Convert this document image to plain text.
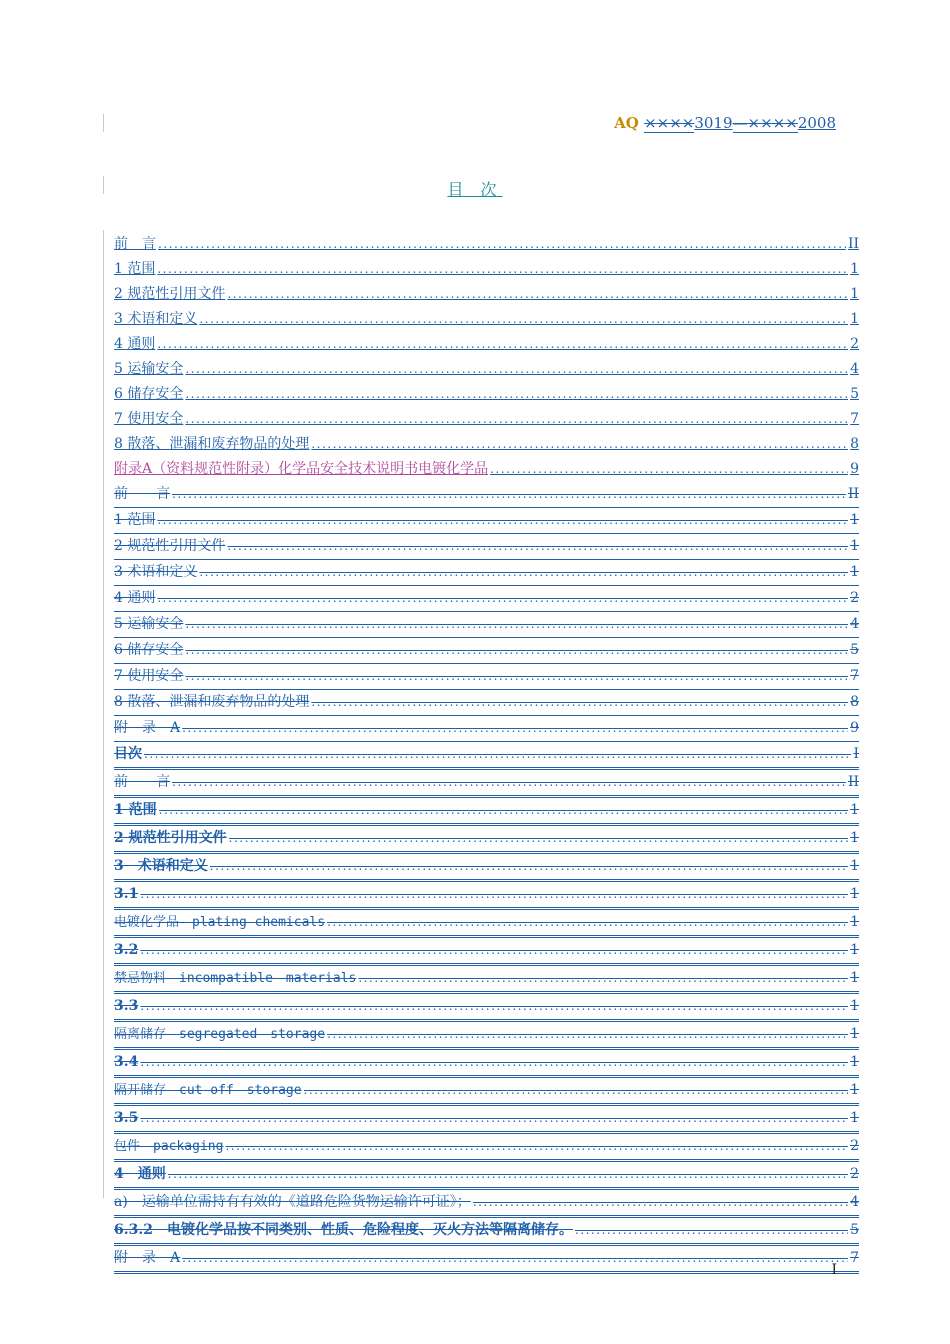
AQ ××××3019—××××2008
目 次
前　言 .....	II
1 范围 .....	1
2 规范性引用文件 .....	1
3 术语和定义 .....	1
4 通则 .....	2
5 运输安全 .....	4
6 储存安全 .....	5
7 使用安全 .....	7
8 散落、泄漏和废弃物品的处理 .....	8
附录A（资料规范性附录）化学品安全技术说明书电镀化学品 .....	9
前　　言 .....	II
1 范围 .....	1
2 规范性引用文件 .....	1
3 术语和定义 .....	1
4 通则 .....	2
5 运输安全 .....	4
6 储存安全 .....	5
7 使用安全 .....	7
8 散落、泄漏和废弃物品的处理 .....	8
附　录　A .....	9
目次 .....	I
前　　言 .....	II
1 范围 .....	1
2 规范性引用文件 .....	1
3　术语和定义 .....	1
3.1 .....	1
电镀化学品　plating chemicals .....	1
3.2 .....	1
禁忌物料　incompatible　materials .....	1
3.3 .....	1
隔离储存　segregated　storage .....	1
3.4 .....	1
隔开储存　cut-off　storage .....	1
3.5 .....	1
包件　packaging .....	2
4　通则 .....	2
a)　运输单位需持有有效的《道路危险货物运输许可证》； .....	4
6.3.2　电镀化学品按不同类别、性质、危险程度、灭火方法等隔离储存。 .....	5
附　录　A .....	7
I
